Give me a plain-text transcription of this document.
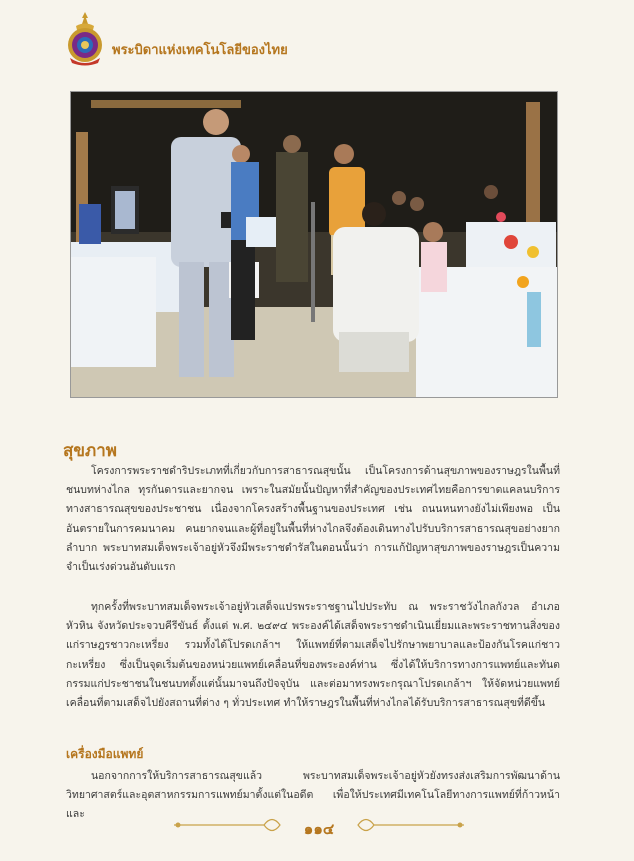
พระบิดาแห่งเทคโนโลยีของไทย
สุขภาพ

โครงการพระราชดำริประเภทที่เกี่ยวกับการสาธารณสุขนั้น เป็นโครงการด้านสุขภาพของราษฎรในพื้นที่ชนบทห่างไกล ทุรกันดารและยากจน เพราะในสมัยนั้นปัญหาที่สำคัญของประเทศไทยคือการขาดแคลนบริการทางสาธารณสุขของประชาชน เนื่องจากโครงสร้างพื้นฐานของประเทศ เช่น ถนนหนทางยังไม่เพียงพอ เป็นอันตรายในการคมนาคม คนยากจนและผู้ที่อยู่ในพื้นที่ห่างไกลจึงต้องเดินทางไปรับบริการสาธารณสุขอย่างยากลำบาก พระบาทสมเด็จพระเจ้าอยู่หัวจึงมีพระราชดำรัสในตอนนั้นว่า การแก้ปัญหาสุขภาพของราษฎรเป็นความจำเป็นเร่งด่วนอันดับแรก

ทุกครั้งที่พระบาทสมเด็จพระเจ้าอยู่หัวเสด็จแปรพระราชฐานไปประทับ ณ พระราชวังไกลกังวล อำเภอหัวหิน จังหวัดประจวบคีรีขันธ์ ตั้งแต่ พ.ศ. ๒๔๙๔ พระองค์ได้เสด็จพระราชดำเนินเยี่ยมและพระราชทานสิ่งของแก่ราษฎรชาวกะเหรี่ยง รวมทั้งได้โปรดเกล้าฯ ให้แพทย์ที่ตามเสด็จไปรักษาพยาบาลและป้องกันโรคแก่ชาวกะเหรี่ยง ซึ่งเป็นจุดเริ่มต้นของหน่วยแพทย์เคลื่อนที่ของพระองค์ท่าน ซึ่งได้ให้บริการทางการแพทย์และทันตกรรมแก่ประชาชนในชนบทตั้งแต่นั้นมาจนถึงปัจจุบัน และต่อมาทรงพระกรุณาโปรดเกล้าฯ ให้จัดหน่วยแพทย์เคลื่อนที่ตามเสด็จไปยังสถานที่ต่าง ๆ ทั่วประเทศ ทำให้ราษฎรในพื้นที่ห่างไกลได้รับบริการสาธารณสุขที่ดีขึ้น

เครื่องมือแพทย์

นอกจากการให้บริการสาธารณสุขแล้ว พระบาทสมเด็จพระเจ้าอยู่หัวยังทรงส่งเสริมการพัฒนาด้านวิทยาศาสตร์และอุตสาหกรรมการแพทย์มาตั้งแต่ในอดีต เพื่อให้ประเทศมีเทคโนโลยีทางการแพทย์ที่ก้าวหน้าและ

๑๑๔
